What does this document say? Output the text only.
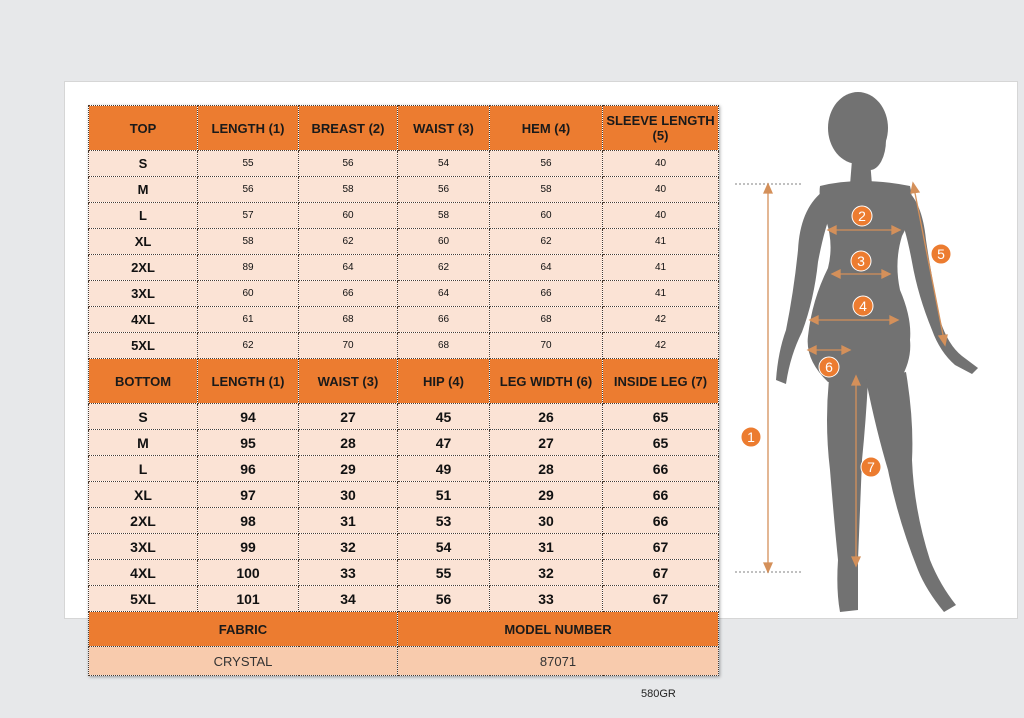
TOP	LENGTH (1)	BREAST (2)	WAIST (3)	HEM (4)	SLEEVE LENGTH (5)
S	55	56	54	56	40
M	56	58	56	58	40
L	57	60	58	60	40
XL	58	62	60	62	41
2XL	89	64	62	64	41
3XL	60	66	64	66	41
4XL	61	68	66	68	42
5XL	62	70	68	70	42
BOTTOM	LENGTH (1)	WAIST (3)	HIP (4)	LEG WIDTH (6)	INSIDE LEG (7)
S	94	27	45	26	65
M	95	28	47	27	65
L	96	29	49	28	66
XL	97	30	51	29	66
2XL	98	31	53	30	66
3XL	99	32	54	31	67
4XL	100	33	55	32	67
5XL	101	34	56	33	67
FABRIC			MODEL NUMBER		
CRYSTAL			87071		
580GR
1
2
3
4
5
6
7
